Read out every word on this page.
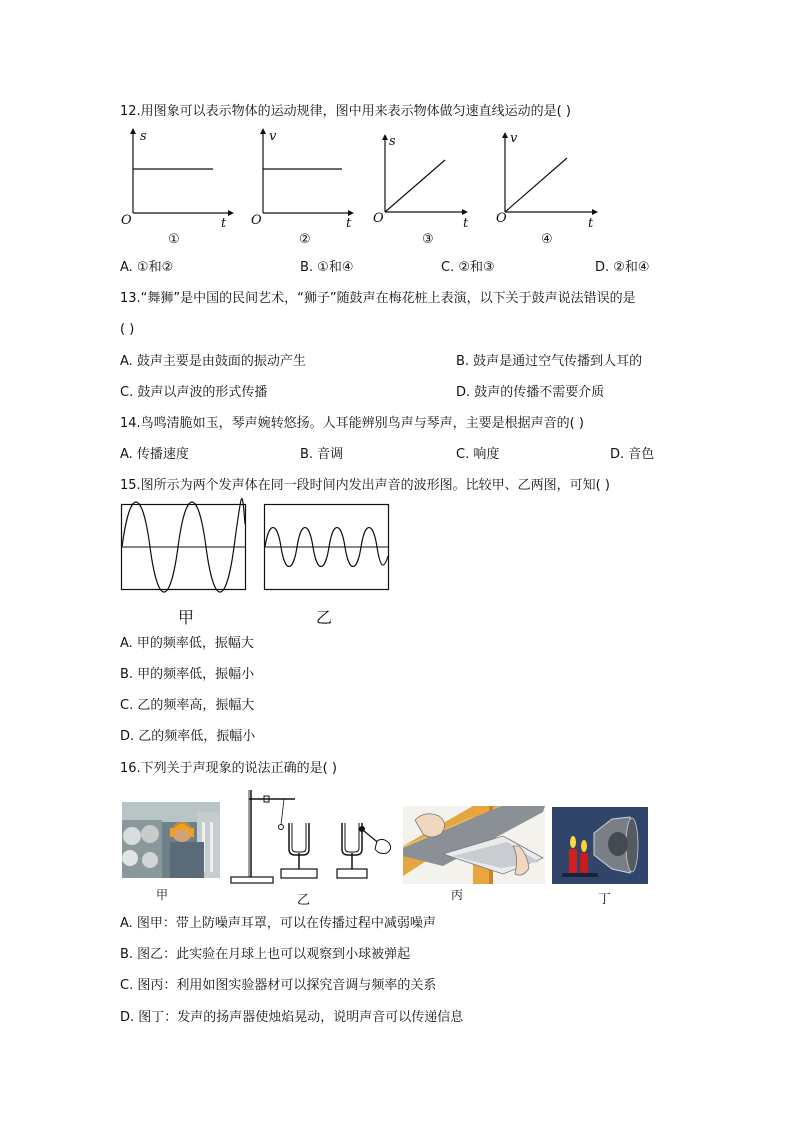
12.用图象可以表示物体的运动规律，图中用来表示物体做匀速直线运动的是( )
s
O	t
v
O	t
s
O	t
v
O	t
①	②	③	④
A. ①和②	B. ①和④	C. ②和③	D. ②和④
13.“舞狮”是中国的民间艺术，“狮子”随鼓声在梅花桩上表演，以下关于鼓声说法错误的是
( )
A. 鼓声主要是由鼓面的振动产生	B. 鼓声是通过空气传播到人耳的
C. 鼓声以声波的形式传播	D. 鼓声的传播不需要介质
14.鸟鸣清脆如玉，琴声婉转悠扬。人耳能辨别鸟声与琴声，主要是根据声音的( )
A. 传播速度	B. 音调	C. 响度	D. 音色
15.图所示为两个发声体在同一段时间内发出声音的波形图。比较甲、乙两图，可知( )
甲	乙
A. 甲的频率低，振幅大
B. 甲的频率低，振幅小
C. 乙的频率高，振幅大
D. 乙的频率低，振幅小
16.下列关于声现象的说法正确的是( )
甲	乙	丙	丁
A. 图甲：带上防噪声耳罩，可以在传播过程中减弱噪声
B. 图乙：此实验在月球上也可以观察到小球被弹起
C. 图丙：利用如图实验器材可以探究音调与频率的关系
D. 图丁：发声的扬声器使烛焰晃动，说明声音可以传递信息
